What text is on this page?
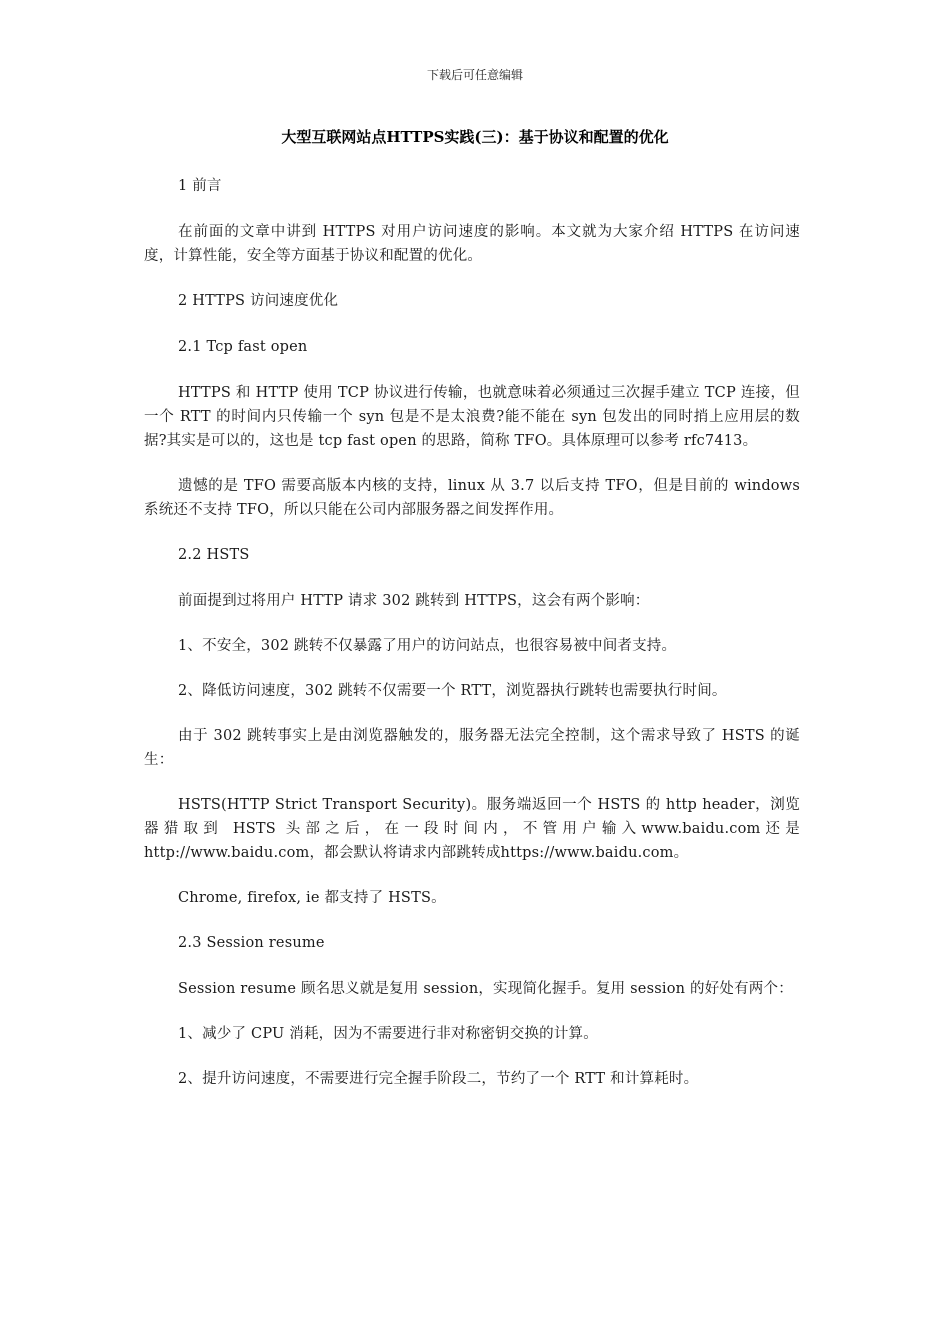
下载后可任意编辑
大型互联网站点HTTPS实践(三)：基于协议和配置的优化

1 前言

在前面的文章中讲到 HTTPS 对用户访问速度的影响。本文就为大家介绍 HTTPS 在访问速度，计算性能，安全等方面基于协议和配置的优化。

2 HTTPS 访问速度优化

2.1 Tcp fast open

HTTPS 和 HTTP 使用 TCP 协议进行传输，也就意味着必须通过三次握手建立 TCP 连接，但一个 RTT 的时间内只传输一个 syn 包是不是太浪费?能不能在 syn 包发出的同时捎上应用层的数据?其实是可以的，这也是 tcp fast open 的思路，简称 TFO。具体原理可以参考 rfc7413。

遗憾的是 TFO 需要高版本内核的支持，linux 从 3.7 以后支持 TFO，但是目前的 windows 系统还不支持 TFO，所以只能在公司内部服务器之间发挥作用。

2.2 HSTS

前面提到过将用户 HTTP 请求 302 跳转到 HTTPS，这会有两个影响：

1、不安全，302 跳转不仅暴露了用户的访问站点，也很容易被中间者支持。

2、降低访问速度，302 跳转不仅需要一个 RTT，浏览器执行跳转也需要执行时间。

由于 302 跳转事实上是由浏览器触发的，服务器无法完全控制，这个需求导致了 HSTS 的诞生：

HSTS(HTTP Strict Transport Security)。服务端返回一个 HSTS 的 http header，浏览器猎取到 HSTS 头部之后，在一段时间内，不管用户输入www.baidu.com还是http://www.baidu.com，都会默认将请求内部跳转成https://www.baidu.com。

Chrome, firefox, ie 都支持了 HSTS。

2.3 Session resume

Session resume 顾名思义就是复用 session，实现简化握手。复用 session 的好处有两个：

1、减少了 CPU 消耗，因为不需要进行非对称密钥交换的计算。

2、提升访问速度，不需要进行完全握手阶段二，节约了一个 RTT 和计算耗时。
